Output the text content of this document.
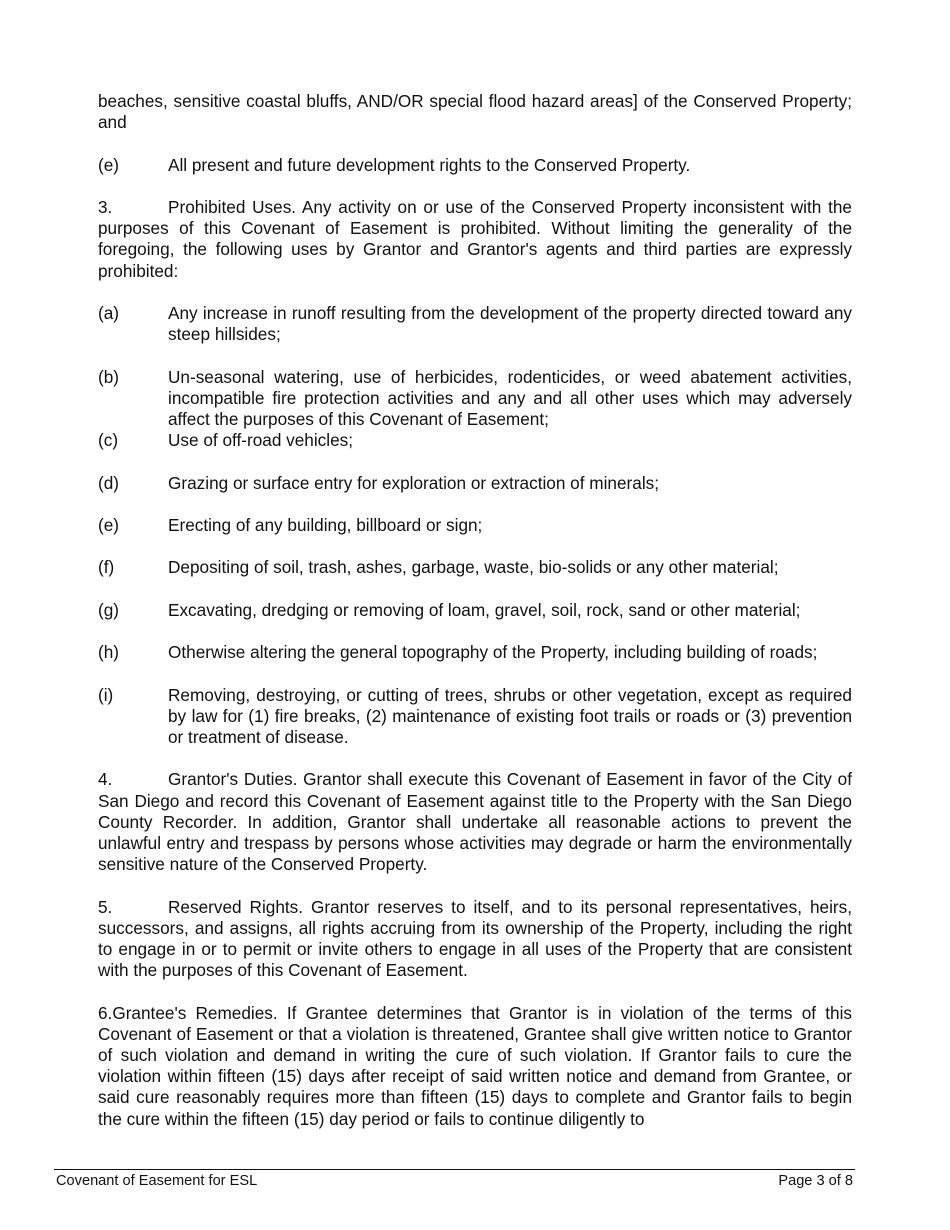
beaches, sensitive coastal bluffs, AND/OR special flood hazard areas] of the Conserved Property; and

(e)	All present and future development rights to the Conserved Property.

3.	Prohibited Uses. Any activity on or use of the Conserved Property inconsistent with the purposes of this Covenant of Easement is prohibited. Without limiting the generality of the foregoing, the following uses by Grantor and Grantor's agents and third parties are expressly prohibited:

(a)	Any increase in runoff resulting from the development of the property directed toward any steep hillsides;
(b)	Un-seasonal watering, use of herbicides, rodenticides, or weed abatement activities, incompatible fire protection activities and any and all other uses which may adversely affect the purposes of this Covenant of Easement;
(c)	Use of off-road vehicles;
(d)	Grazing or surface entry for exploration or extraction of minerals;
(e)	Erecting of any building, billboard or sign;
(f)	Depositing of soil, trash, ashes, garbage, waste, bio-solids or any other material;
(g)	Excavating, dredging or removing of loam, gravel, soil, rock, sand or other material;
(h)	Otherwise altering the general topography of the Property, including building of roads;
(i)	Removing, destroying, or cutting of trees, shrubs or other vegetation, except as required by law for (1) fire breaks, (2) maintenance of existing foot trails or roads or (3) prevention or treatment of disease.

4.	Grantor's Duties. Grantor shall execute this Covenant of Easement in favor of the City of San Diego and record this Covenant of Easement against title to the Property with the San Diego County Recorder. In addition, Grantor shall undertake all reasonable actions to prevent the unlawful entry and trespass by persons whose activities may degrade or harm the environmentally sensitive nature of the Conserved Property.

5.	Reserved Rights. Grantor reserves to itself, and to its personal representatives, heirs, successors, and assigns, all rights accruing from its ownership of the Property, including the right to engage in or to permit or invite others to engage in all uses of the Property that are consistent with the purposes of this Covenant of Easement.

6.Grantee's Remedies. If Grantee determines that Grantor is in violation of the terms of this Covenant of Easement or that a violation is threatened, Grantee shall give written notice to Grantor of such violation and demand in writing the cure of such violation. If Grantor fails to cure the violation within fifteen (15) days after receipt of said written notice and demand from Grantee, or said cure reasonably requires more than fifteen (15) days to complete and Grantor fails to begin the cure within the fifteen (15) day period or fails to continue diligently to

Covenant of Easement for ESL	Page 3 of 8
